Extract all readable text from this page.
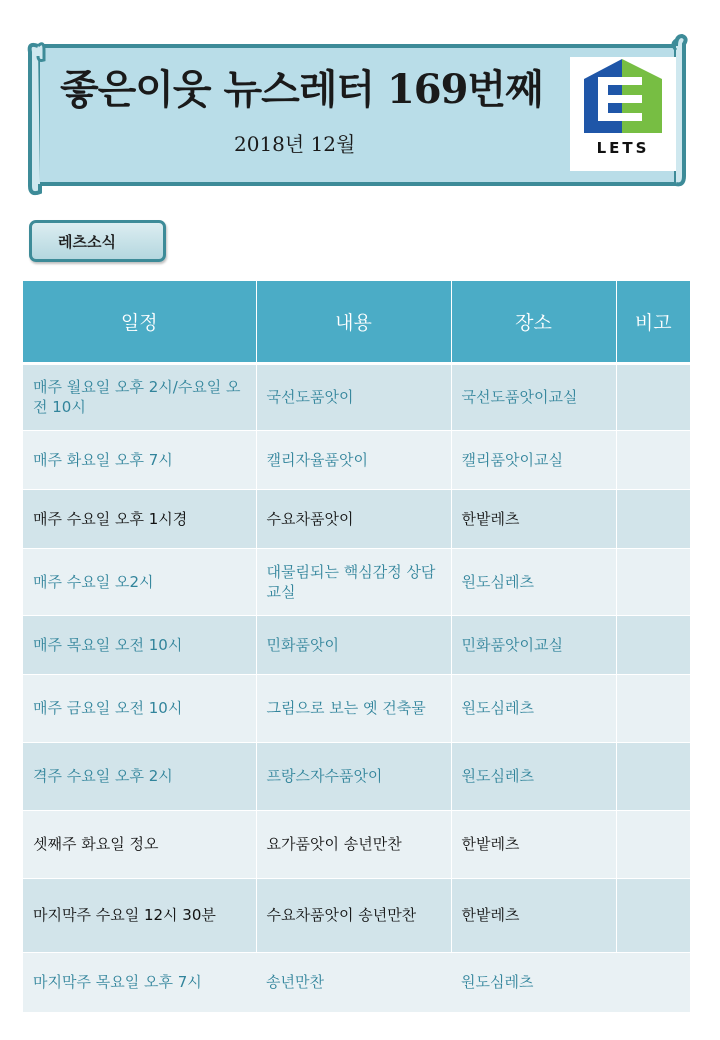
좋은이웃 뉴스레터 169번째
2018년 12월	LETS
레츠소식
일정	내용	장소	비고
매주 월요일 오후 2시/수요일 오전 10시	국선도품앗이	국선도품앗이교실	
매주 화요일 오후 7시	캘리자율품앗이	캘리품앗이교실	
매주 수요일 오후 1시경	수요차품앗이	한밭레츠	
매주 수요일 오2시	대물림되는 핵심감정 상담교실	원도심레츠	
매주 목요일 오전 10시	민화품앗이	민화품앗이교실	
매주 금요일 오전 10시	그림으로 보는 옛 건축물	원도심레츠	
격주 수요일 오후 2시	프랑스자수품앗이	원도심레츠	
셋째주 화요일 정오	요가품앗이 송년만찬	한밭레츠	
마지막주 수요일 12시 30분	수요차품앗이 송년만찬	한밭레츠	
마지막주 목요일 오후 7시	송년만찬	원도심레츠	
